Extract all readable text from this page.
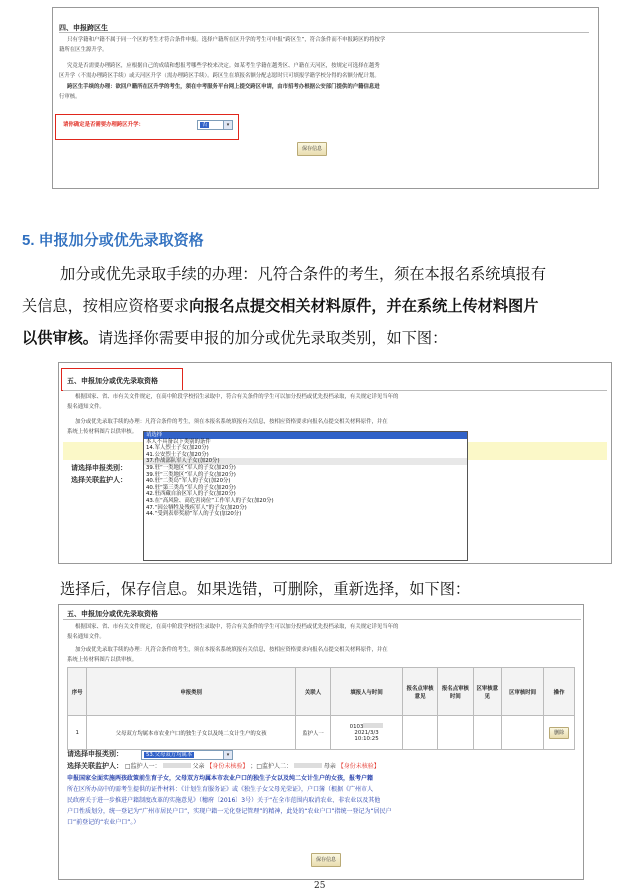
四、申报跨区生
只有学籍和户籍不属于同一个区的考生才符合条件申报。选择户籍所在区升学的考生可申报“跨区生”，符合条件而不申报跨区的将按学
籍所在区生源升学。
究竟是否需要办理跨区，应根据自己的成绩和想报考哪些学校来决定。如某考生学籍在越秀区、户籍在天河区，按规定可选择在越秀
区升学（不需办理跨区手续）或天河区升学（需办理跨区手续）。跨区生在填报名额分配志愿时只可填报学籍学校分得的名额分配计划。
跨区生手续的办理：欲回户籍所在区升学的考生，须在中考服务平台网上提交跨区申请，由市招考办根据公安部门提供的户籍信息进
行审核。
请你确定是否需要办理跨区升学：	否	▾
保存信息
5. 申报加分或优先录取资格
加分或优先录取手续的办理：凡符合条件的考生，须在本报名系统填报有
关信息，按相应资格要求向报名点提交相关材料原件，并在系统上传材料图片
以供审核。请选择你需要申报的加分或优先录取类别，如下图：
五、申报加分或优先录取资格
根据国家、省、市有关文件规定，在高中阶段学校招生录取中，符合有关条件的学生可以加分投档或优先投档录取，有关规定详见当年的
报名通知文件。
加分或优先录取手续的办理：凡符合条件的考生，须在本报名系统填报有关信息，按相应资格要求向报名点提交相关材料原件，并在
系统上传材料图片以供审核。
请选择申报类别：
选择关联监护人：
请选择
本人不具备以下类别的条件
14.军人烈士子女(加20分)
41.公安烈士子女(加20分)
37.作战部队军人子女(加20分)
39.驻“一类地区”军人的子女(加20分)
39.驻“三类地区”军人的子女(加20分)
40.驻“二类岛”军人的子女(加20分)
40.驻“第三类岛”军人的子女(加20分)
42.驻西藏自治区军人的子女(加20分)
43.在“高风险、高危害岗位”工作军人的子女(加20分)
47.“因公牺牲及残疾军人”的子女(加20分)
44.“受到表彰奖励”军人的子女(加20分)
选择后，保存信息。如果选错，可删除，重新选择，如下图：
五、申报加分或优先录取资格
根据国家、省、市有关文件规定，在高中阶段学校招生录取中，符合有关条件的学生可以加分投档或优先投档录取，有关规定详见当年的
报名通知文件。
加分或优先录取手续的办理：凡符合条件的考生，须在本报名系统填报有关信息，按相应资格要求向报名点提交相关材料原件，并在
系统上传材料图片以供审核。
序号	申报类别	关联人	填报人与时间	报名点审核意见	报名点审核时间	区审核意见	区审核时间	操作
1	父母双方均属本市农业户口的独生子女以及纯二女计生户的女孩	监护人一	0103
2021/3/3
10:10:25					删除
请选择申报类别：	53.父母双方均属本	▾
选择关联监护人： □监护人一：	父亲 【身份未核验】 ；□监护人二：	母亲 【身份未核验】
申报国家全面实施两孩政策前生育子女，父母双方均属本市农业户口的独生子女以及纯二女计生户的女孩，报考户籍
所在区所办高中的需考生提供的证件材料：《计划生育服务证》或《独生子女父母光荣证》，户口簿（根据《广州市人
民政府关于进一步推进户籍制度改革的实施意见》（穗府〔2016〕3号）关于“在全市范围内取消农业、非农业以及其他
户口性质划分，统一登记为“广州市居民户口”，实现户籍一元化登记管理”的精神，此处的“农业户口”指统一登记为“居民户
口”前登记的“农业户口”。）
保存信息
25
